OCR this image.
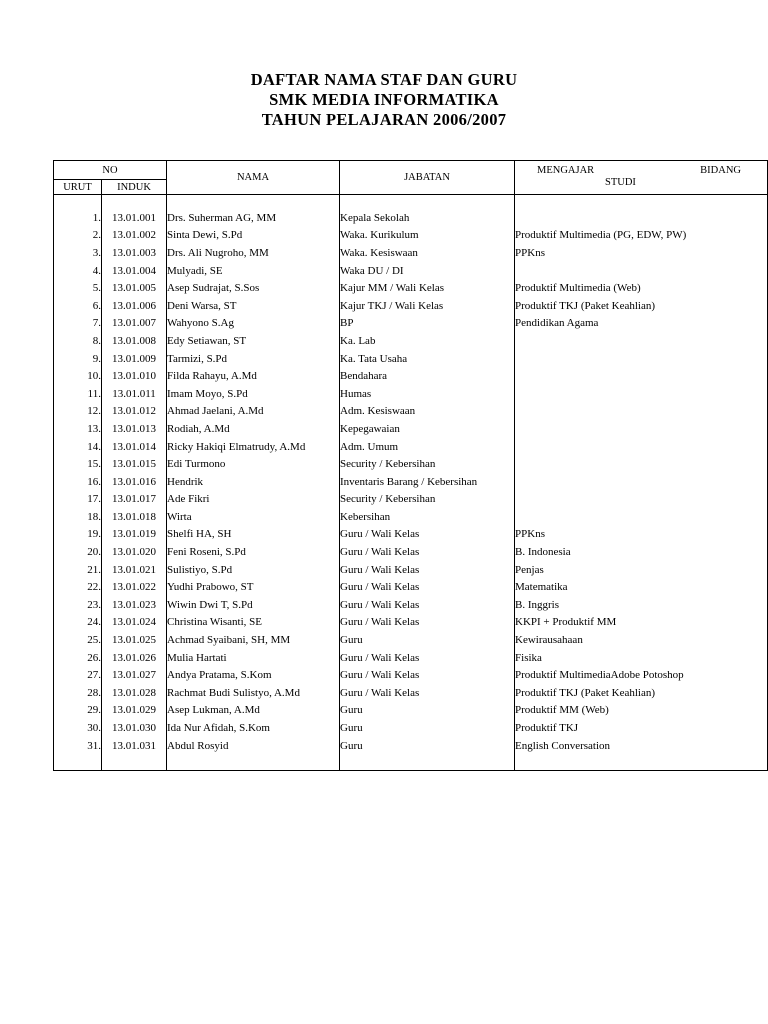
DAFTAR NAMA STAF DAN GURU
SMK MEDIA INFORMATIKA
TAHUN PELAJARAN 2006/2007
NO		NAMA	JABATAN	MENGAJAR BIDANG
STUDI

URUT	INDUK			

1.	13.01.001	Drs. Suherman AG, MM	Kepala Sekolah	
2.	13.01.002	Sinta Dewi, S.Pd	Waka. Kurikulum	Produktif Multimedia (PG, EDW, PW)
3.	13.01.003	Drs. Ali Nugroho, MM	Waka. Kesiswaan	PPKns
4.	13.01.004	Mulyadi, SE	Waka DU / DI	
5.	13.01.005	Asep Sudrajat, S.Sos	Kajur MM / Wali Kelas	Produktif Multimedia (Web)
6.	13.01.006	Deni Warsa, ST	Kajur TKJ / Wali Kelas	Produktif TKJ (Paket Keahlian)
7.	13.01.007	Wahyono S.Ag	BP	Pendidikan Agama
8.	13.01.008	Edy Setiawan, ST	Ka. Lab	
9.	13.01.009	Tarmizi, S.Pd	Ka. Tata Usaha	
10.	13.01.010	Filda Rahayu, A.Md	Bendahara	
11.	13.01.011	Imam Moyo, S.Pd	Humas	
12.	13.01.012	Ahmad Jaelani, A.Md	Adm. Kesiswaan	
13.	13.01.013	Rodiah, A.Md	Kepegawaian	
14.	13.01.014	Ricky Hakiqi Elmatrudy, A.Md	Adm. Umum	
15.	13.01.015	Edi Turmono	Security / Kebersihan	
16.	13.01.016	Hendrik	Inventaris Barang / Kebersihan	
17.	13.01.017	Ade Fikri	Security / Kebersihan	
18.	13.01.018	Wirta	Kebersihan	
19.	13.01.019	Shelfi HA, SH	Guru / Wali Kelas	PPKns
20.	13.01.020	Feni Roseni, S.Pd	Guru / Wali Kelas	B. Indonesia
21.	13.01.021	Sulistiyo, S.Pd	Guru / Wali Kelas	Penjas
22.	13.01.022	Yudhi Prabowo, ST	Guru / Wali Kelas	Matematika
23.	13.01.023	Wiwin Dwi T, S.Pd	Guru / Wali Kelas	B. Inggris
24.	13.01.024	Christina Wisanti, SE	Guru / Wali Kelas	KKPI + Produktif MM
25.	13.01.025	Achmad Syaibani, SH, MM	Guru	Kewirausahaan
26.	13.01.026	Mulia Hartati	Guru / Wali Kelas	Fisika
27.	13.01.027	Andya Pratama, S.Kom	Guru / Wali Kelas	Produktif MultimediaAdobe Potoshop
28.	13.01.028	Rachmat Budi Sulistyo, A.Md	Guru / Wali Kelas	Produktif TKJ (Paket Keahlian)
29.	13.01.029	Asep Lukman, A.Md	Guru	Produktif MM (Web)
30.	13.01.030	Ida Nur Afidah, S.Kom	Guru	Produktif TKJ
31.	13.01.031	Abdul Rosyid	Guru	English Conversation
